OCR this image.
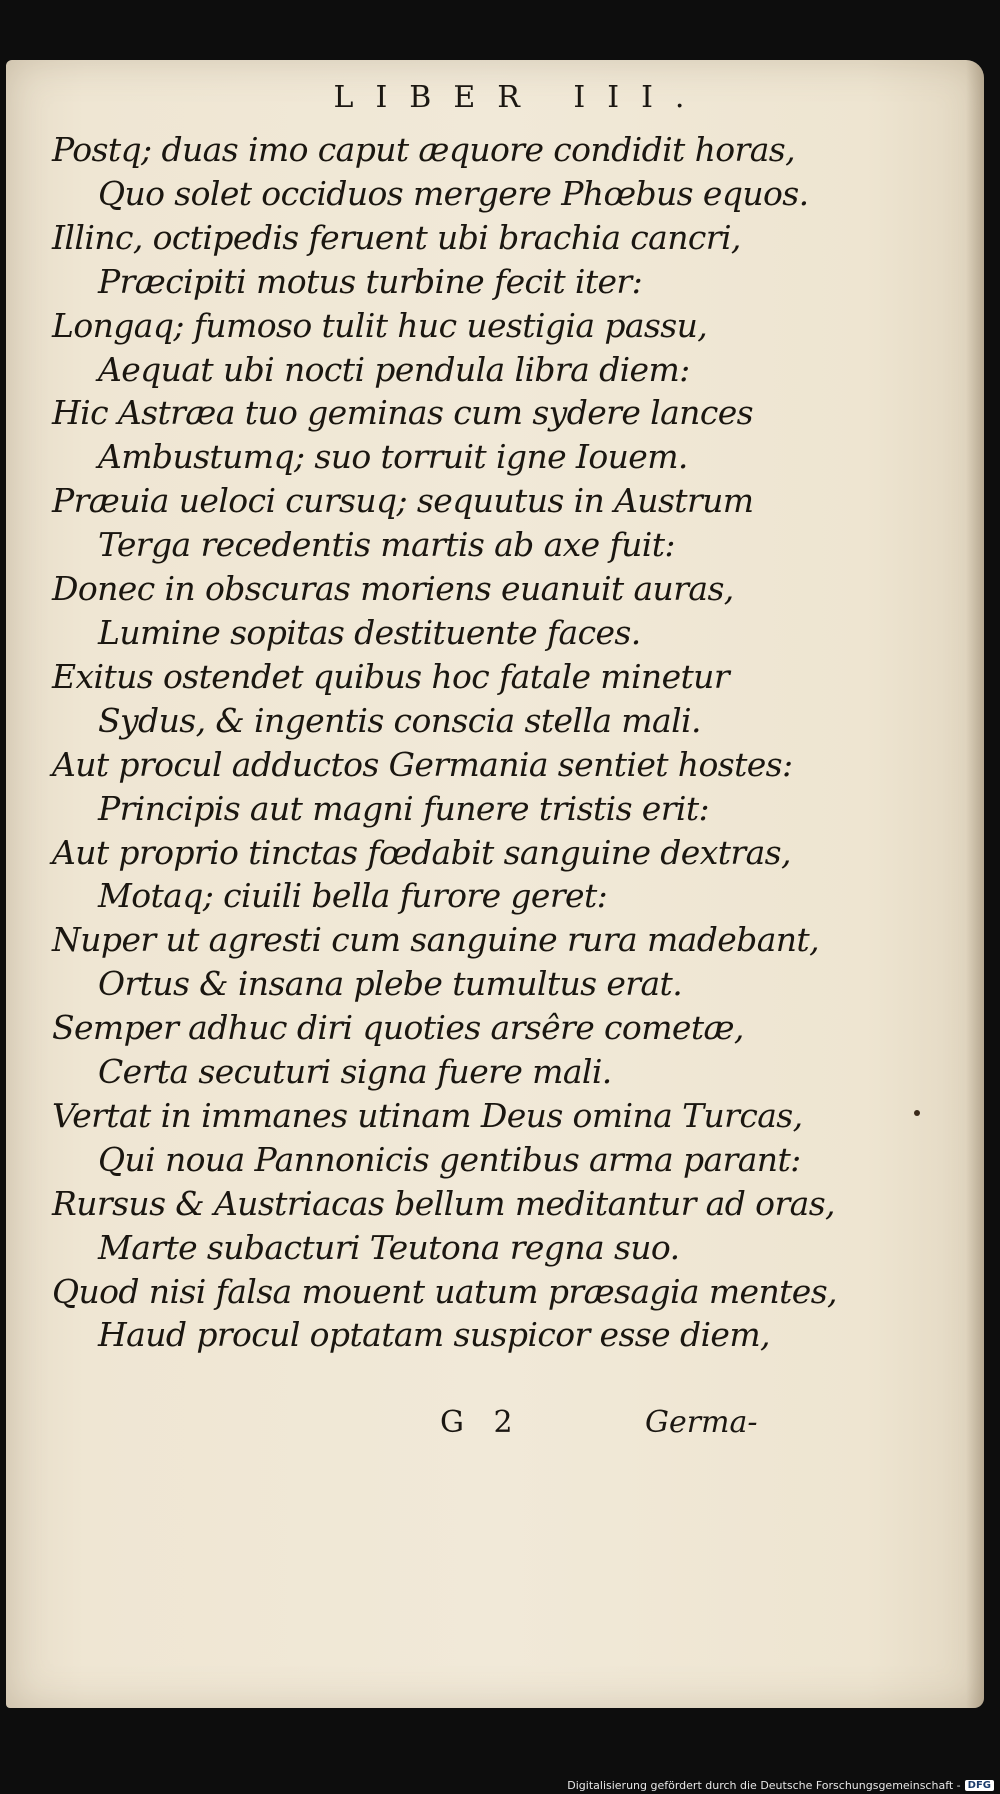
LIBER III.
Postq; duas imo caput æquore condidit horas,
Quo solet occiduos mergere Phœbus equos.
Illinc, octipedis feruent ubi brachia cancri,
Præcipiti motus turbine fecit iter:
Longaq; fumoso tulit huc uestigia passu,
Aequat ubi nocti pendula libra diem:
Hic Astræa tuo geminas cum sydere lances
Ambustumq; suo torruit igne Iouem.
Præuia ueloci cursuq; sequutus in Austrum
Terga recedentis martis ab axe fuit:
Donec in obscuras moriens euanuit auras,
Lumine sopitas destituente faces.
Exitus ostendet quibus hoc fatale minetur
Sydus, & ingentis conscia stella mali.
Aut procul adductos Germania sentiet hostes:
Principis aut magni funere tristis erit:
Aut proprio tinctas fœdabit sanguine dextras,
Motaq; ciuili bella furore geret:
Nuper ut agresti cum sanguine rura madebant,
Ortus & insana plebe tumultus erat.
Semper adhuc diri quoties arsêre cometæ,
Certa secuturi signa fuere mali.
Vertat in immanes utinam Deus omina Turcas,
Qui noua Pannonicis gentibus arma parant:
Rursus & Austriacas bellum meditantur ad oras,
Marte subacturi Teutona regna suo.
Quod nisi falsa mouent uatum præsagia mentes,
Haud procul optatam suspicor esse diem,
G 2	Germa-
Digitalisierung gefördert durch die Deutsche Forschungsgemeinschaft - DFG
